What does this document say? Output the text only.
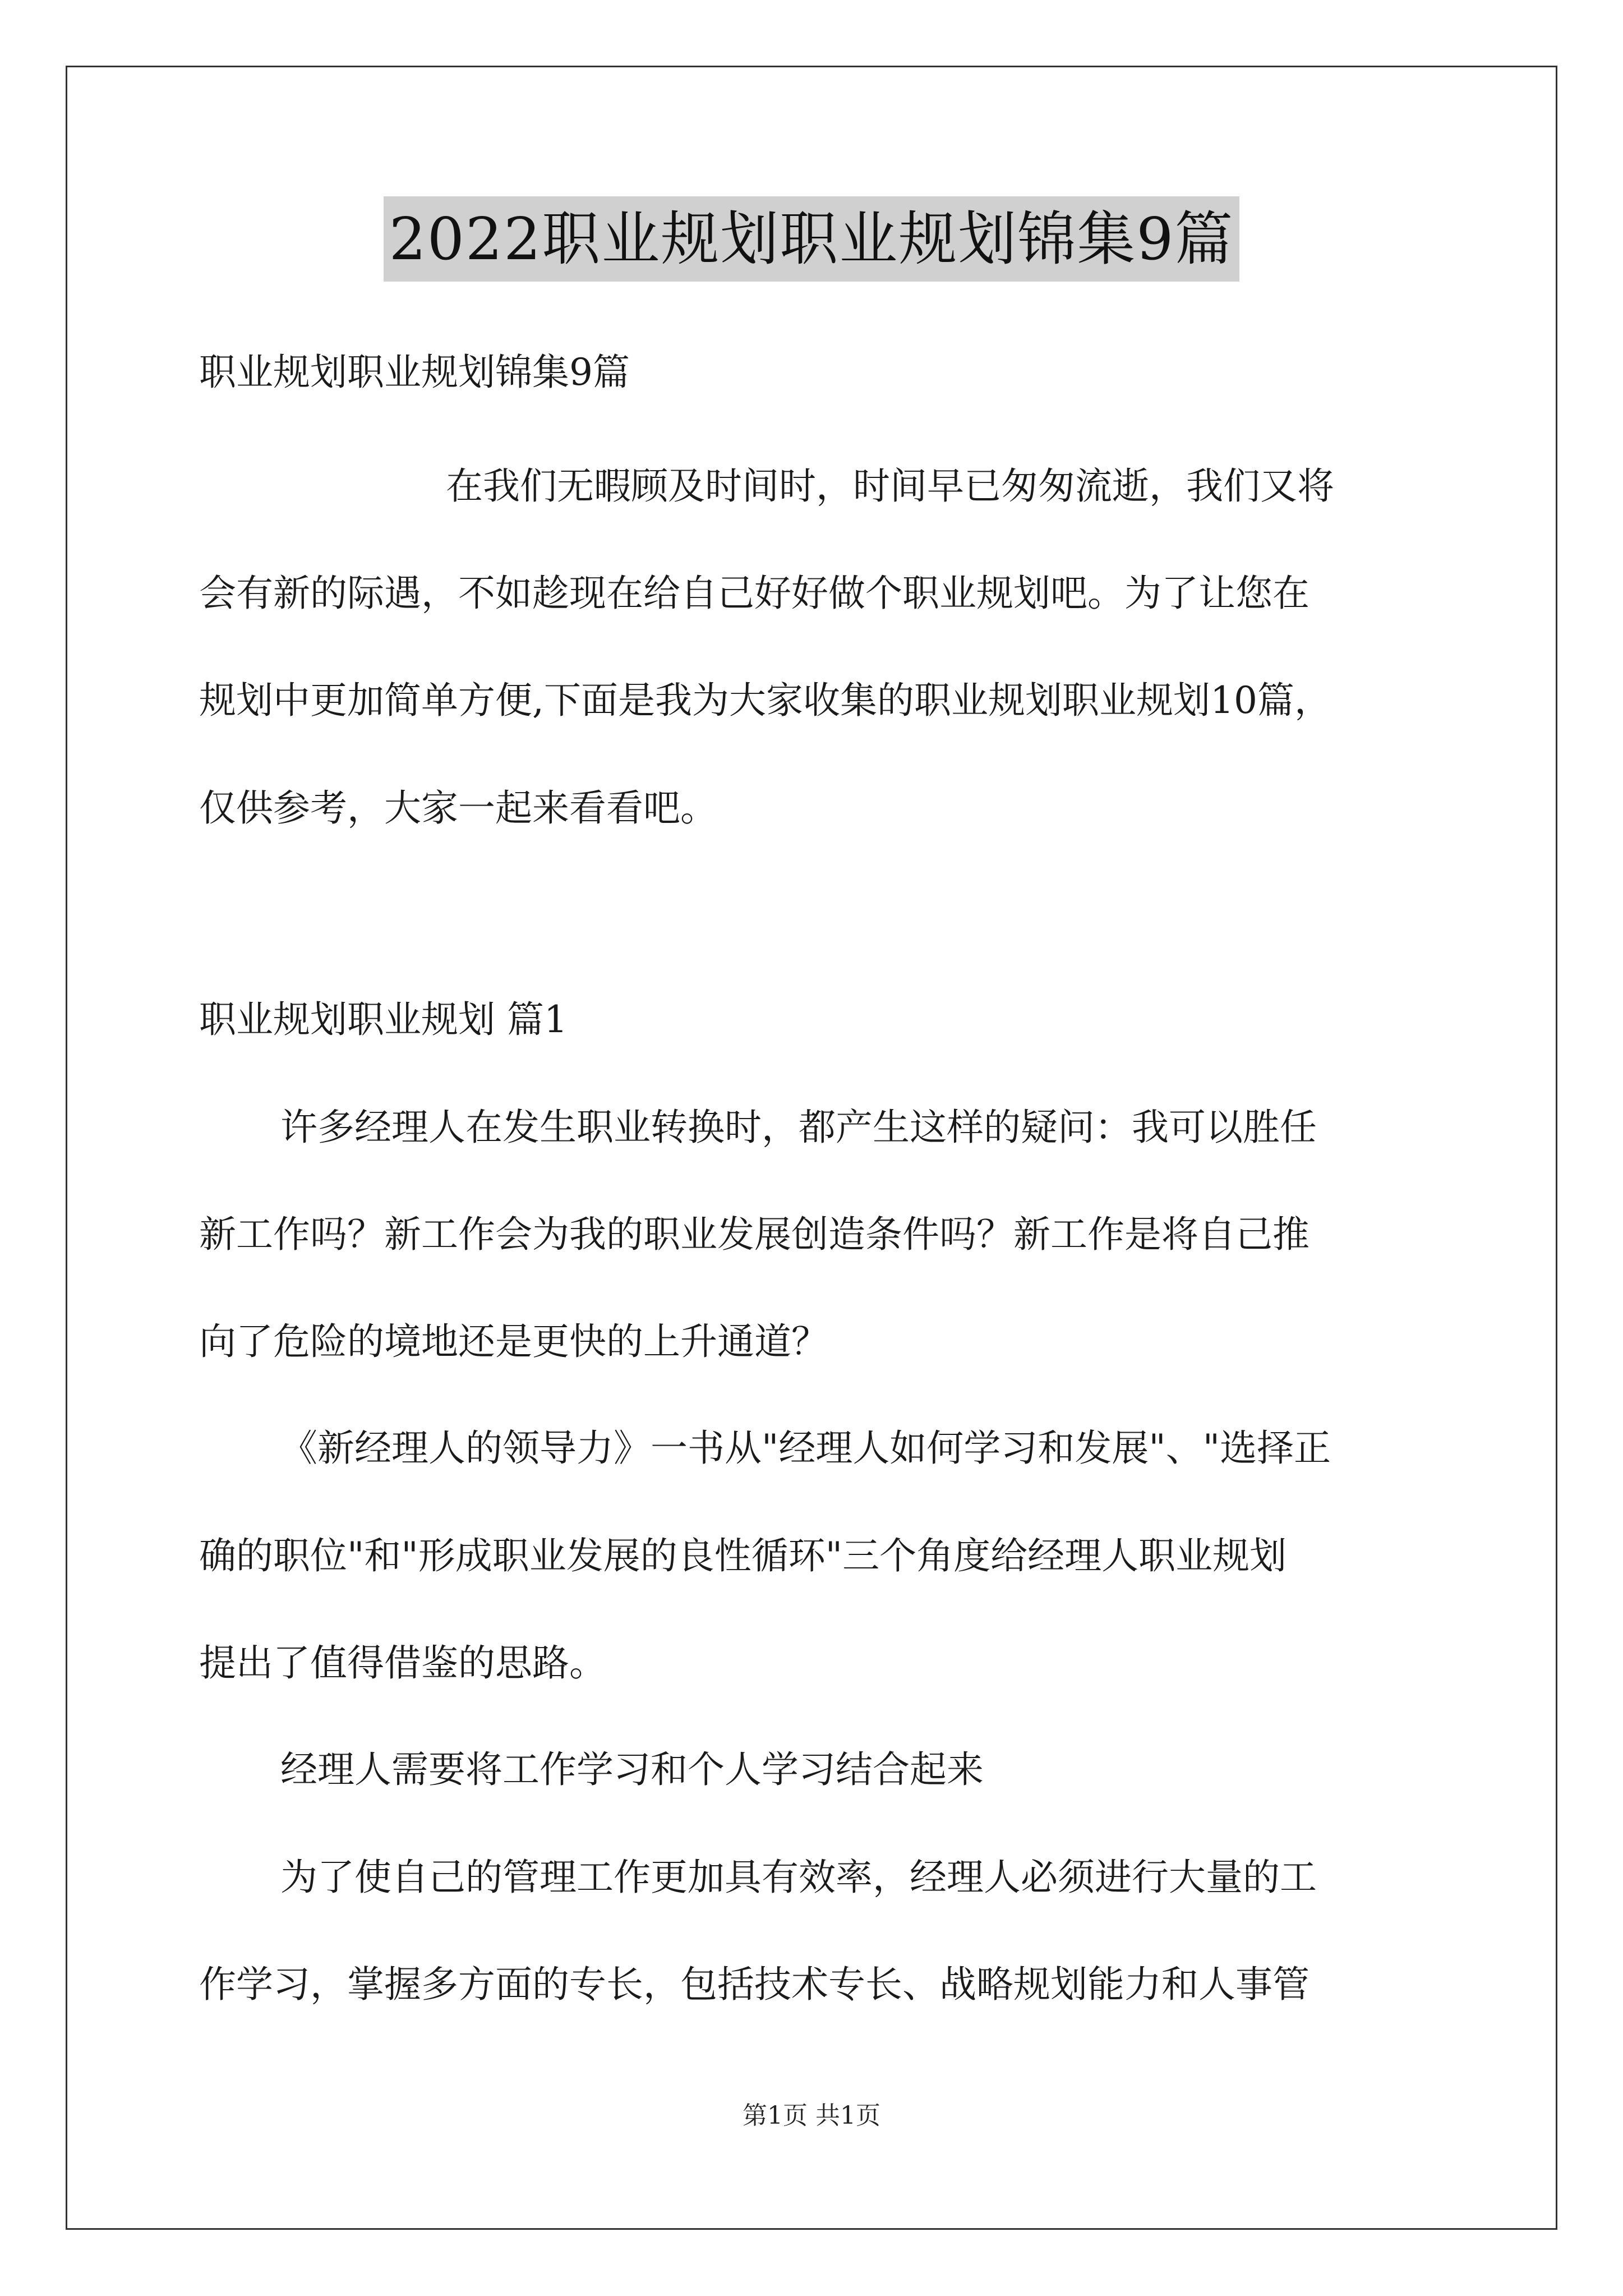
2022职业规划职业规划锦集9篇
职业规划职业规划锦集9篇
在我们无暇顾及时间时，时间早已匆匆流逝，我们又将
会有新的际遇，不如趁现在给自己好好做个职业规划吧。为了让您在
规划中更加简单方便,下面是我为大家收集的职业规划职业规划10篇，
仅供参考，大家一起来看看吧。
职业规划职业规划 篇1
许多经理人在发生职业转换时，都产生这样的疑问：我可以胜任
新工作吗？新工作会为我的职业发展创造条件吗？新工作是将自己推
向了危险的境地还是更快的上升通道？
《新经理人的领导力》一书从"经理人如何学习和发展"、"选择正
确的职位"和"形成职业发展的良性循环"三个角度给经理人职业规划
提出了值得借鉴的思路。
经理人需要将工作学习和个人学习结合起来
为了使自己的管理工作更加具有效率，经理人必须进行大量的工
作学习，掌握多方面的专长，包括技术专长、战略规划能力和人事管
第1页 共1页
